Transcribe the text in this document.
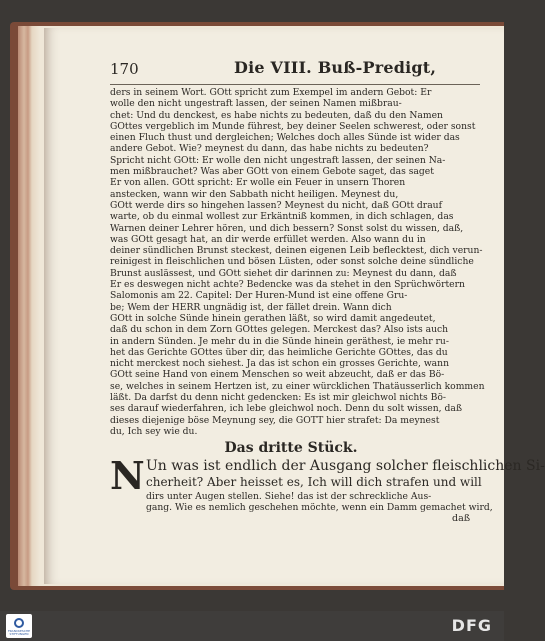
170	Die VIII. Buß-Predigt,
ders in seinem Wort. GOtt spricht zum Exempel im andern Gebot: Er
wolle den nicht ungestraft lassen, der seinen Namen mißbrau-
chet: Und du denckest, es habe nichts zu bedeuten, daß du den Namen
GOttes vergeblich im Munde führest, bey deiner Seelen schwerest, oder sonst
einen Fluch thust und dergleichen; Welches doch alles Sünde ist wider das
andere Gebot. Wie? meynest du dann, das habe nichts zu bedeuten?
Spricht nicht GOtt: Er wolle den nicht ungestraft lassen, der seinen Na-
men mißbrauchet? Was aber GOtt von einem Gebote saget, das saget
Er von allen. GOtt spricht: Er wolle ein Feuer in unsern Thoren
anstecken, wann wir den Sabbath nicht heiligen. Meynest du,
GOtt werde dirs so hingehen lassen? Meynest du nicht, daß GOtt drauf
warte, ob du einmal wollest zur Erkäntniß kommen, in dich schlagen, das
Warnen deiner Lehrer hören, und dich bessern? Sonst solst du wissen, daß,
was GOtt gesagt hat, an dir werde erfüllet werden. Also wann du in
deiner sündlichen Brunst steckest, deinen eigenen Leib beflecktest, dich verun-
reinigest in fleischlichen und bösen Lüsten, oder sonst solche deine sündliche
Brunst auslässest, und GOtt siehet dir darinnen zu: Meynest du dann, daß
Er es deswegen nicht achte? Bedencke was da stehet in den Sprüchwörtern
Salomonis am 22. Capitel: Der Huren-Mund ist eine offene Gru-
be; Wem der HERR ungnädig ist, der fället drein. Wann dich
GOtt in solche Sünde hinein gerathen läßt, so wird damit angedeutet,
daß du schon in dem Zorn GOttes gelegen. Merckest das? Also ists auch
in andern Sünden. Je mehr du in die Sünde hinein geräthest, ie mehr ru-
het das Gerichte GOttes über dir, das heimliche Gerichte GOttes, das du
nicht merckest noch siehest. Ja das ist schon ein grosses Gerichte, wann
GOtt seine Hand von einem Menschen so weit abzeucht, daß er das Bö-
se, welches in seinem Hertzen ist, zu einer würcklichen Thatäusserlich kommen
läßt. Da darfst du denn nicht gedencken: Es ist mir gleichwol nichts Bö-
ses darauf wiederfahren, ich lebe gleichwol noch. Denn du solt wissen, daß
dieses diejenige böse Meynung sey, die GOTT hier strafet: Da meynest
du, Ich sey wie du.
Das dritte Stück.
N Un was ist endlich der Ausgang solcher fleischlichen Si-
cherheit? Aber heisset es, Ich will dich strafen und will
dirs unter Augen stellen. Siehe! das ist der schreckliche Aus-
gang. Wie es nemlich geschehen möchte, wenn ein Damm gemachet wird,
daß
FRANCKESCHE STIFTUNGEN	DFG
